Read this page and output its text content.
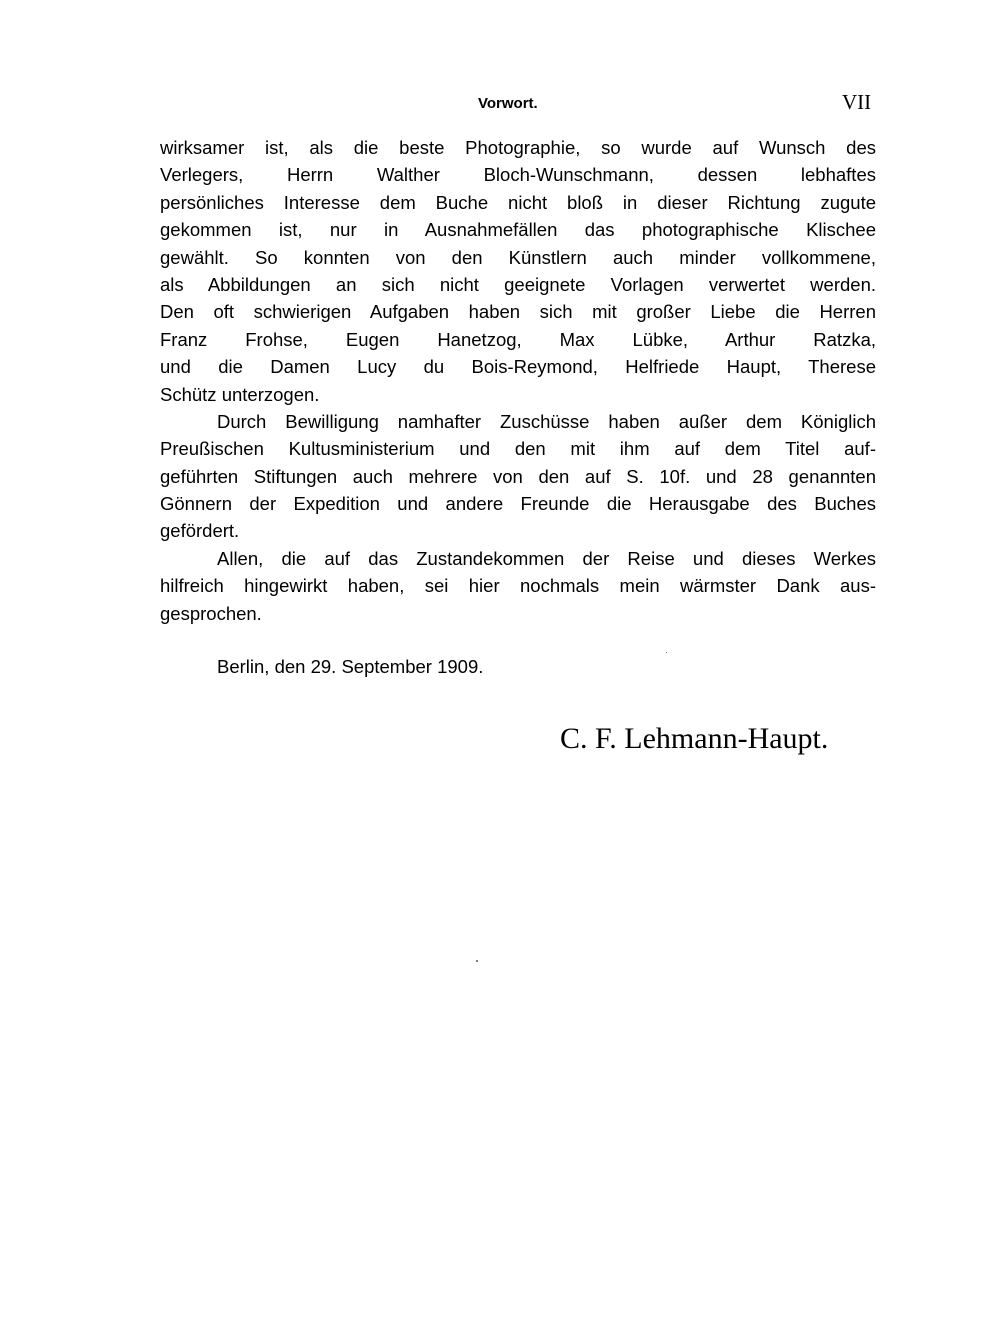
Vorwort.	VII
wirksamer ist, als die beste Photographie, so wurde auf Wunsch des
Verlegers, Herrn Walther Bloch-Wunschmann, dessen lebhaftes
persönliches Interesse dem Buche nicht bloß in dieser Richtung zugute
gekommen ist, nur in Ausnahmefällen das photographische Klischee
gewählt. So konnten von den Künstlern auch minder vollkommene,
als Abbildungen an sich nicht geeignete Vorlagen verwertet werden.
Den oft schwierigen Aufgaben haben sich mit großer Liebe die Herren
Franz Frohse, Eugen Hanetzog, Max Lübke, Arthur Ratzka,
und die Damen Lucy du Bois-Reymond, Helfriede Haupt, Therese
Schütz unterzogen.
Durch Bewilligung namhafter Zuschüsse haben außer dem Königlich
Preußischen Kultusministerium und den mit ihm auf dem Titel auf-
geführten Stiftungen auch mehrere von den auf S. 10f. und 28 genannten
Gönnern der Expedition und andere Freunde die Herausgabe des Buches
gefördert.
Allen, die auf das Zustandekommen der Reise und dieses Werkes
hilfreich hingewirkt haben, sei hier nochmals mein wärmster Dank aus-
gesprochen.
Berlin, den 29. September 1909.
C. F. Lehmann-Haupt.
